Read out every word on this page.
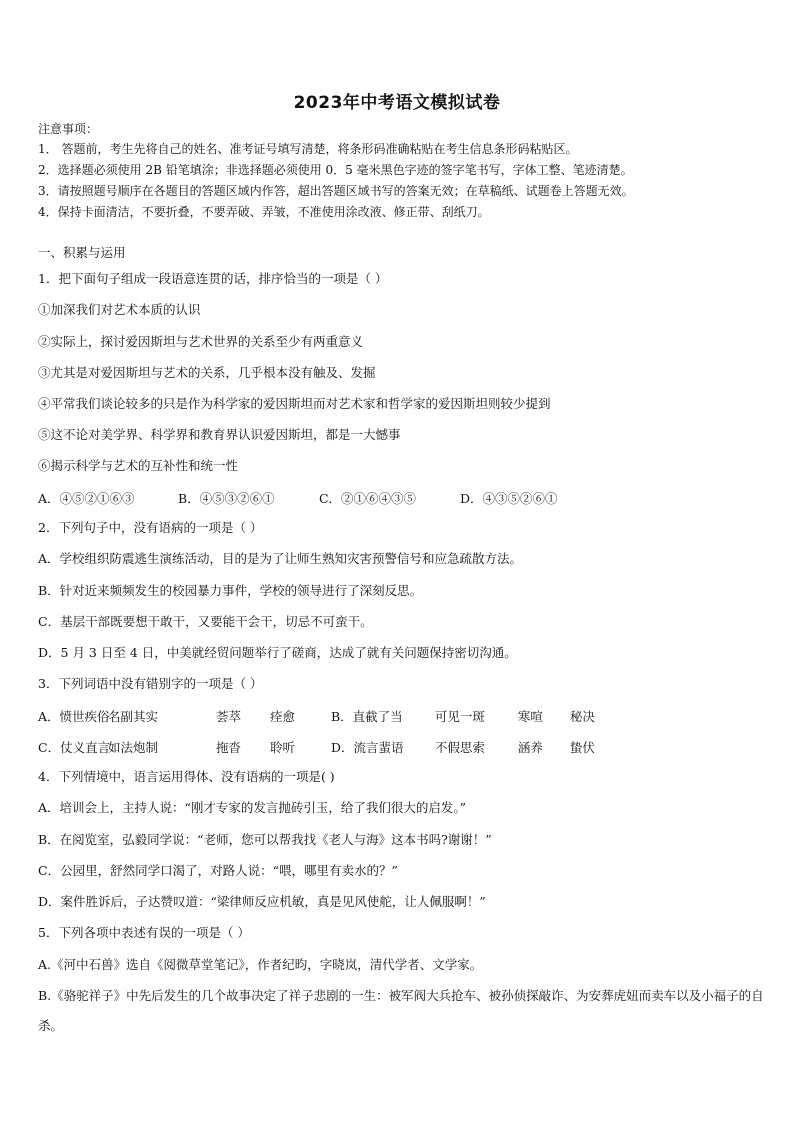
2023年中考语文模拟试卷
注意事项：
1． 答题前，考生先将自己的姓名、准考证号填写清楚，将条形码准确粘贴在考生信息条形码粘贴区。
2．选择题必须使用 2B 铅笔填涂；非选择题必须使用 0．5 毫米黑色字迹的签字笔书写，字体工整、笔迹清楚。
3．请按照题号顺序在各题目的答题区域内作答，超出答题区域书写的答案无效；在草稿纸、试题卷上答题无效。
4．保持卡面清洁，不要折叠，不要弄破、弄皱，不准使用涂改液、修正带、刮纸刀。
一、积累与运用
1．把下面句子组成一段语意连贯的话，排序恰当的一项是（ ）
①加深我们对艺术本质的认识
②实际上，探讨爱因斯坦与艺术世界的关系至少有两重意义
③尤其是对爱因斯坦与艺术的关系，几乎根本没有触及、发掘
④平常我们谈论较多的只是作为科学家的爱因斯坦而对艺术家和哲学家的爱因斯坦则较少提到
⑤这不论对美学界、科学界和教育界认识爱因斯坦，都是一大憾事
⑥揭示科学与艺术的互补性和统一性
A．④⑤②①⑥③	B．④⑤③②⑥①	C．②①⑥④③⑤	D．④③⑤②⑥①
2．下列句子中，没有语病的一项是（ ）
A．学校组织防震逃生演练活动，目的是为了让师生熟知灾害预警信号和应急疏散方法。
B．针对近来频频发生的校园暴力事件，学校的领导进行了深刻反思。
C．基层干部既要想干敢干，又要能干会干，切忌不可蛮干。
D．5 月 3 日至 4 日，中美就经贸问题举行了磋商，达成了就有关问题保持密切沟通。
3．下列词语中没有错别字的一项是（ ）
A．愤世疾俗 名副其实	荟萃 痊愈	B．直截了当	可见一斑	寒喧 秘决
C．仗义直言 如法炮制	拖沓 聆听	D．流言蜚语	不假思索	涵养 蛰伏
4．下列情境中，语言运用得体、没有语病的一项是( )
A．培训会上，主持人说：“刚才专家的发言抛砖引玉，给了我们很大的启发。”
B．在阅览室，弘毅同学说：“老师，您可以帮我找《老人与海》这本书吗?谢谢！”
C．公园里，舒然同学口渴了，对路人说：“喂，哪里有卖水的？”
D．案件胜诉后，子达赞叹道：“梁律师反应机敏，真是见风使舵，让人佩服啊！”
5．下列各项中表述有误的一项是（ ）
A.《河中石兽》选自《阅微草堂笔记》，作者纪昀，字晓岚，清代学者、文学家。
B.《骆驼祥子》中先后发生的几个故事决定了祥子悲剧的一生：被军阀大兵抢车、被孙侦探敲诈、为安葬虎妞而卖车以及小福子的自杀。
